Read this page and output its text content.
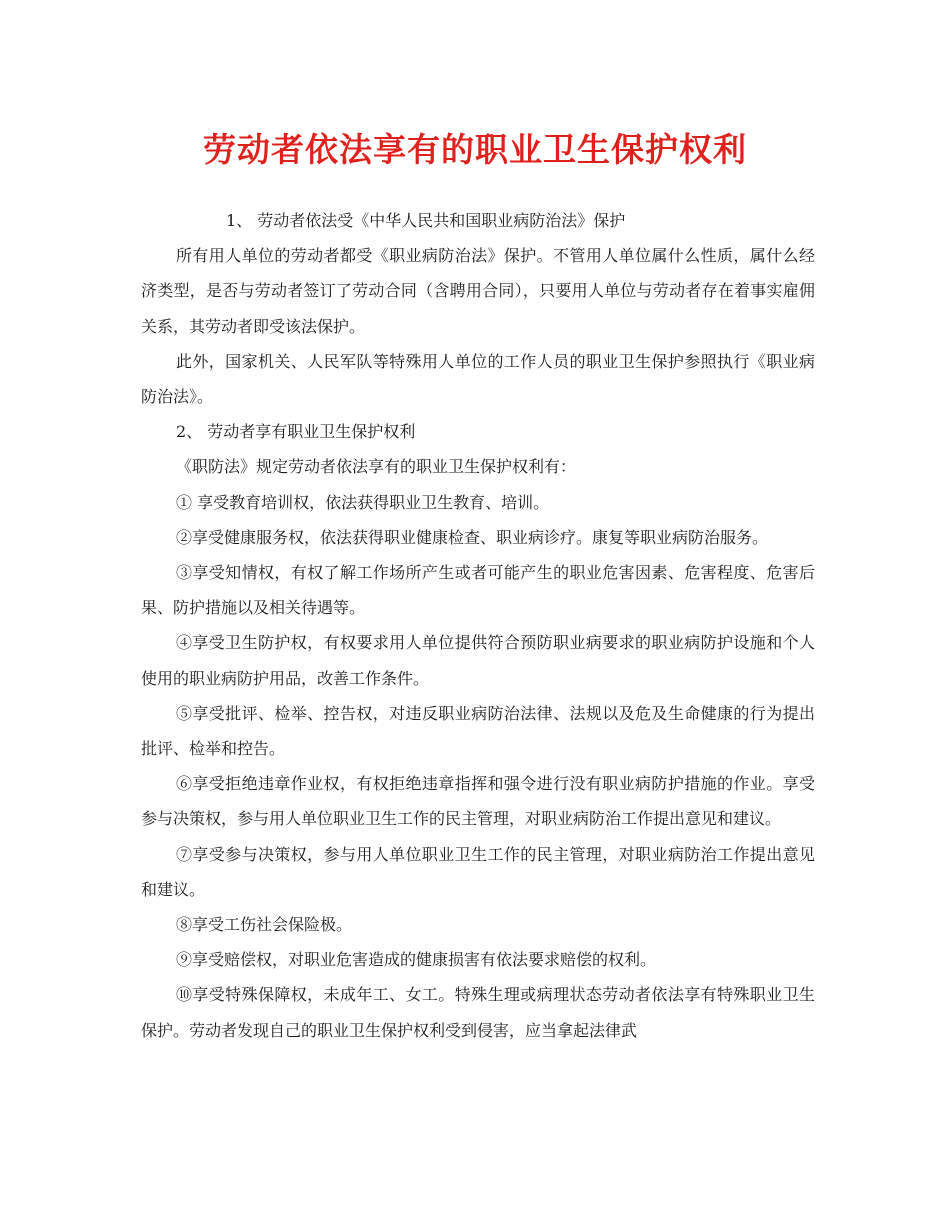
劳动者依法享有的职业卫生保护权利

1、 劳动者依法受《中华人民共和国职业病防治法》保护

所有用人单位的劳动者都受《职业病防治法》保护。不管用人单位属什么性质，属什么经济类型，是否与劳动者签订了劳动合同（含聘用合同），只要用人单位与劳动者存在着事实雇佣关系，其劳动者即受该法保护。

此外，国家机关、人民军队等特殊用人单位的工作人员的职业卫生保护参照执行《职业病防治法》。

2、 劳动者享有职业卫生保护权利

《职防法》规定劳动者依法享有的职业卫生保护权利有：

① 享受教育培训权，依法获得职业卫生教育、培训。

②享受健康服务权，依法获得职业健康检查、职业病诊疗。康复等职业病防治服务。

③享受知情权，有权了解工作场所产生或者可能产生的职业危害因素、危害程度、危害后果、防护措施以及相关待遇等。

④享受卫生防护权，有权要求用人单位提供符合预防职业病要求的职业病防护设施和个人使用的职业病防护用品，改善工作条件。

⑤享受批评、检举、控告权，对违反职业病防治法律、法规以及危及生命健康的行为提出批评、检举和控告。

⑥享受拒绝违章作业权，有权拒绝违章指挥和强令进行没有职业病防护措施的作业。享受参与决策权，参与用人单位职业卫生工作的民主管理，对职业病防治工作提出意见和建议。

⑦享受参与决策权，参与用人单位职业卫生工作的民主管理，对职业病防治工作提出意见和建议。

⑧享受工伤社会保险极。

⑨享受赔偿权，对职业危害造成的健康损害有依法要求赔偿的权利。

⑩享受特殊保障权，未成年工、女工。特殊生理或病理状态劳动者依法享有特殊职业卫生保护。劳动者发现自己的职业卫生保护权利受到侵害，应当拿起法律武
